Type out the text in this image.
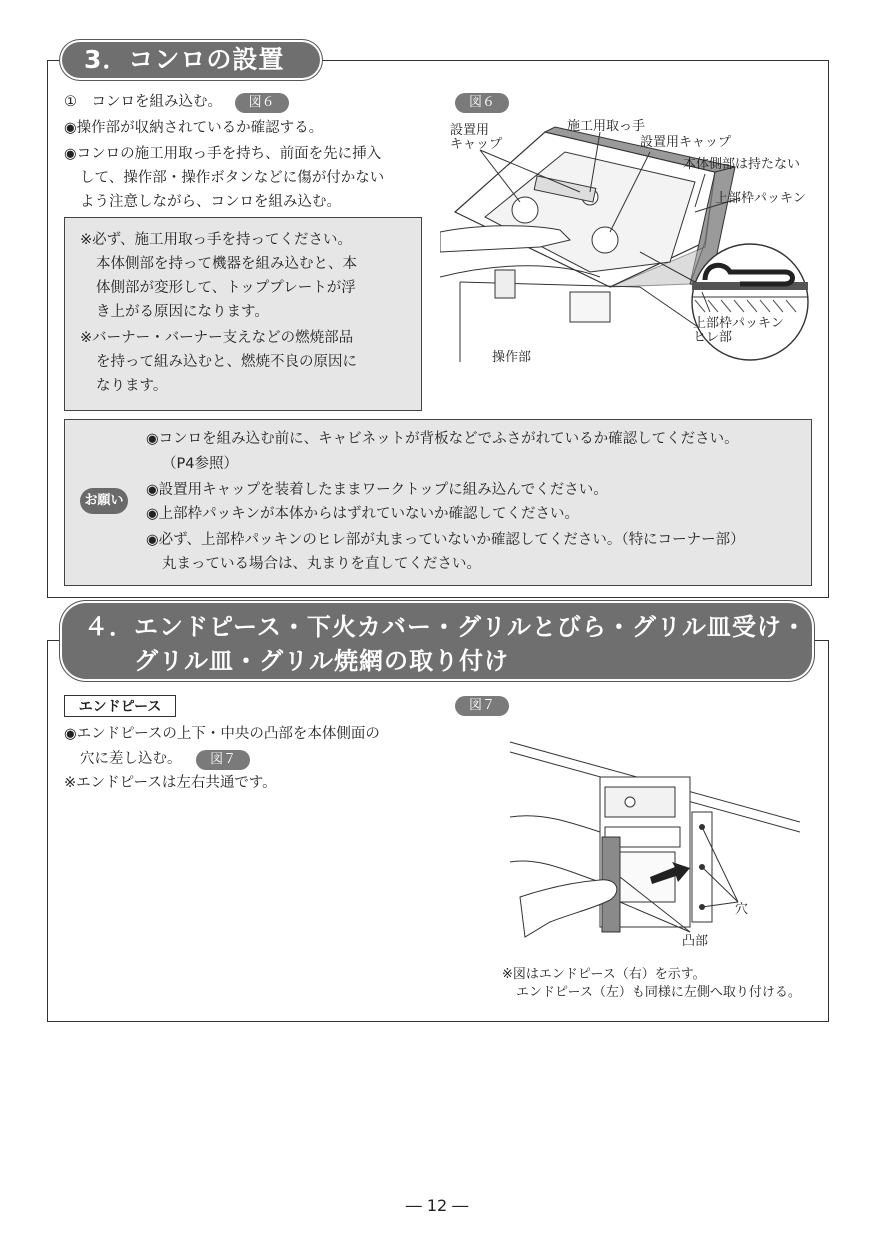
3．コンロの設置
①　コンロを組み込む。 図６
◉操作部が収納されているか確認する。
◉コンロの施工用取っ手を持ち、前面を先に挿入
して、操作部・操作ボタンなどに傷が付かない
よう注意しながら、コンロを組み込む。
※必ず、施工用取っ手を持ってください。
本体側部を持って機器を組み込むと、本
体側部が変形して、トッププレートが浮
き上がる原因になります。
※バーナー・バーナー支えなどの燃焼部品
を持って組み込むと、燃焼不良の原因に
なります。
図６
設置用
キャップ
施工用取っ手
設置用キャップ
本体側部は持たない
上部枠パッキン
上部枠パッキン
ヒレ部
操作部
お願い
◉コンロを組み込む前に、キャビネットが背板などでふさがれているか確認してください。
（P4参照）
◉設置用キャップを装着したままワークトップに組み込んでください。
◉上部枠パッキンが本体からはずれていないか確認してください。
◉必ず、上部枠パッキンのヒレ部が丸まっていないか確認してください。（特にコーナー部）
丸まっている場合は、丸まりを直してください。
４．エンドピース・下火カバー・グリルとびら・グリル皿受け・
グリル皿・グリル焼網の取り付け
エンドピース
◉エンドピースの上下・中央の凸部を本体側面の
穴に差し込む。 図７
※エンドピースは左右共通です。
図７
穴
凸部
※図はエンドピース（右）を示す。
エンドピース（左）も同様に左側へ取り付ける。
― 12 ―
